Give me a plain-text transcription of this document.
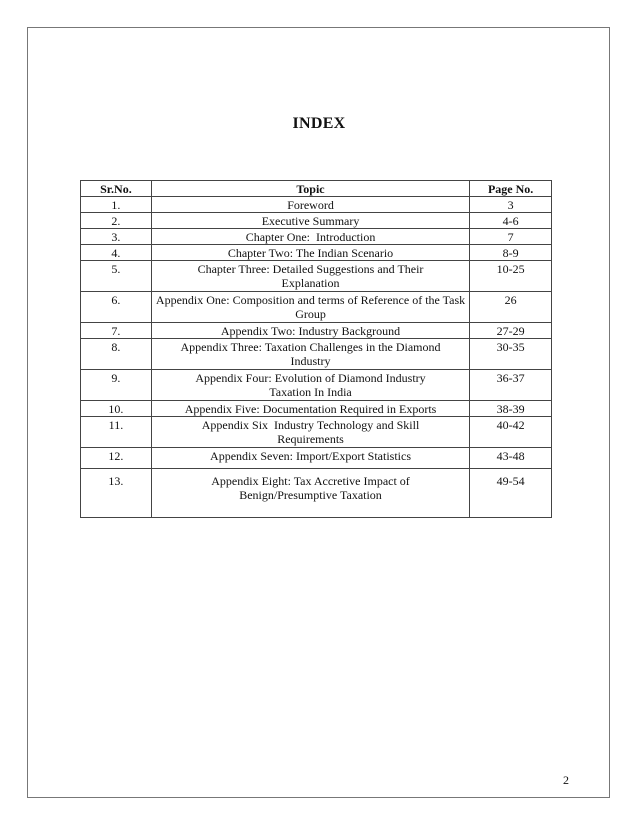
INDEX
Sr.No.	Topic	Page No.
1.	Foreword	3
2.	Executive Summary	4-6
3.	Chapter One:  Introduction	7
4.	Chapter Two: The Indian Scenario	8-9
5.	Chapter Three: Detailed Suggestions and Their Explanation	10-25
6.	Appendix One: Composition and terms of Reference of the Task Group	26
7.	Appendix Two: Industry Background	27-29
8.	Appendix Three: Taxation Challenges in the Diamond Industry	30-35
9.	Appendix Four: Evolution of Diamond Industry Taxation In India	36-37
10.	Appendix Five: Documentation Required in Exports	38-39
11.	Appendix Six  Industry Technology and Skill Requirements	40-42
12.	Appendix Seven: Import/Export Statistics	43-48
13.	Appendix Eight: Tax Accretive Impact of Benign/Presumptive Taxation	49-54
2
